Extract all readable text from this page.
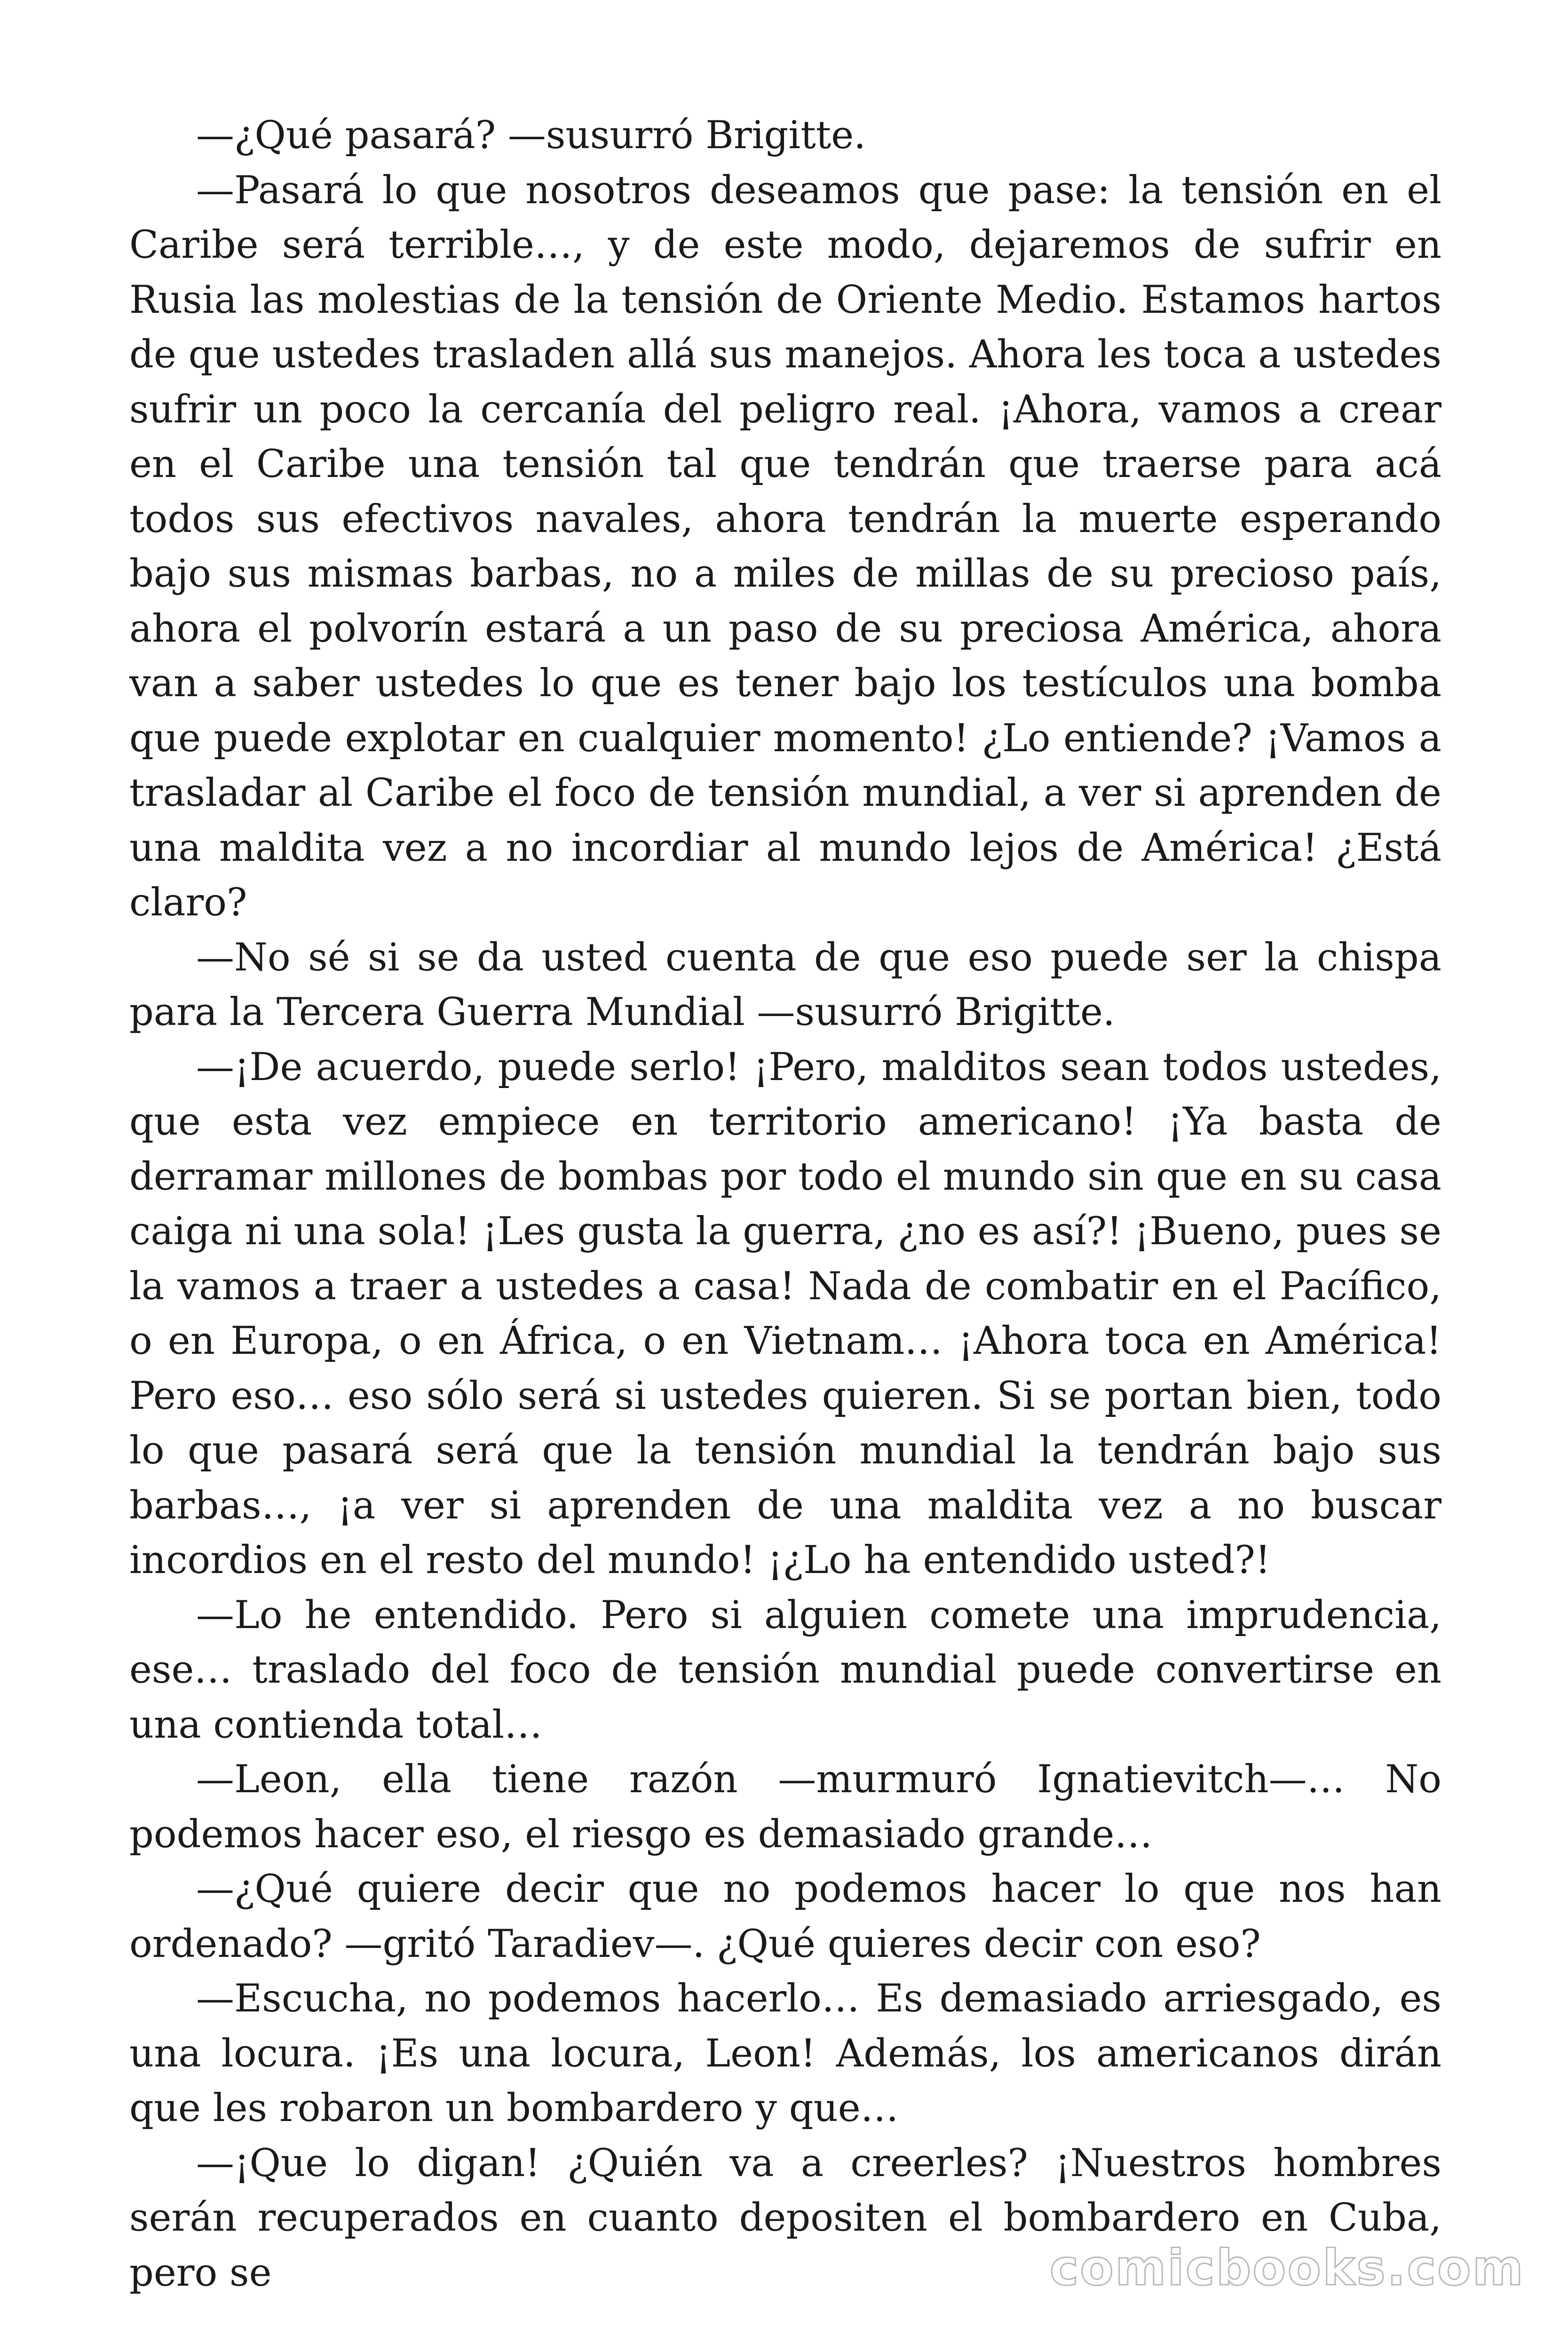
—¿Qué pasará? —susurró Brigitte.

—Pasará lo que nosotros deseamos que pase: la tensión en el Caribe será terrible…, y de este modo, dejaremos de sufrir en Rusia las molestias de la tensión de Oriente Medio. Estamos hartos de que ustedes trasladen allá sus manejos. Ahora les toca a ustedes sufrir un poco la cercanía del peligro real. ¡Ahora, vamos a crear en el Caribe una tensión tal que tendrán que traerse para acá todos sus efectivos navales, ahora tendrán la muerte esperando bajo sus mismas barbas, no a miles de millas de su precioso país, ahora el polvorín estará a un paso de su preciosa América, ahora van a saber ustedes lo que es tener bajo los testículos una bomba que puede explotar en cualquier momento! ¿Lo entiende? ¡Vamos a trasladar al Caribe el foco de tensión mundial, a ver si aprenden de una maldita vez a no incordiar al mundo lejos de América! ¿Está claro?

—No sé si se da usted cuenta de que eso puede ser la chispa para la Tercera Guerra Mundial —susurró Brigitte.

—¡De acuerdo, puede serlo! ¡Pero, malditos sean todos ustedes, que esta vez empiece en territorio americano! ¡Ya basta de derramar millones de bombas por todo el mundo sin que en su casa caiga ni una sola! ¡Les gusta la guerra, ¿no es así?! ¡Bueno, pues se la vamos a traer a ustedes a casa! Nada de combatir en el Pacífico, o en Europa, o en África, o en Vietnam… ¡Ahora toca en América! Pero eso… eso sólo será si ustedes quieren. Si se portan bien, todo lo que pasará será que la tensión mundial la tendrán bajo sus barbas…, ¡a ver si aprenden de una maldita vez a no buscar incordios en el resto del mundo! ¡¿Lo ha entendido usted?!

—Lo he entendido. Pero si alguien comete una imprudencia, ese… traslado del foco de tensión mundial puede convertirse en una contienda total…

—Leon, ella tiene razón —murmuró Ignatievitch—… No podemos hacer eso, el riesgo es demasiado grande…

—¿Qué quiere decir que no podemos hacer lo que nos han ordenado? —gritó Taradiev—. ¿Qué quieres decir con eso?

—Escucha, no podemos hacerlo… Es demasiado arriesgado, es una locura. ¡Es una locura, Leon! Además, los americanos dirán que les robaron un bombardero y que…

—¡Que lo digan! ¿Quién va a creerles? ¡Nuestros hombres serán recuperados en cuanto depositen el bombardero en Cuba, pero se	comicbooks.com
